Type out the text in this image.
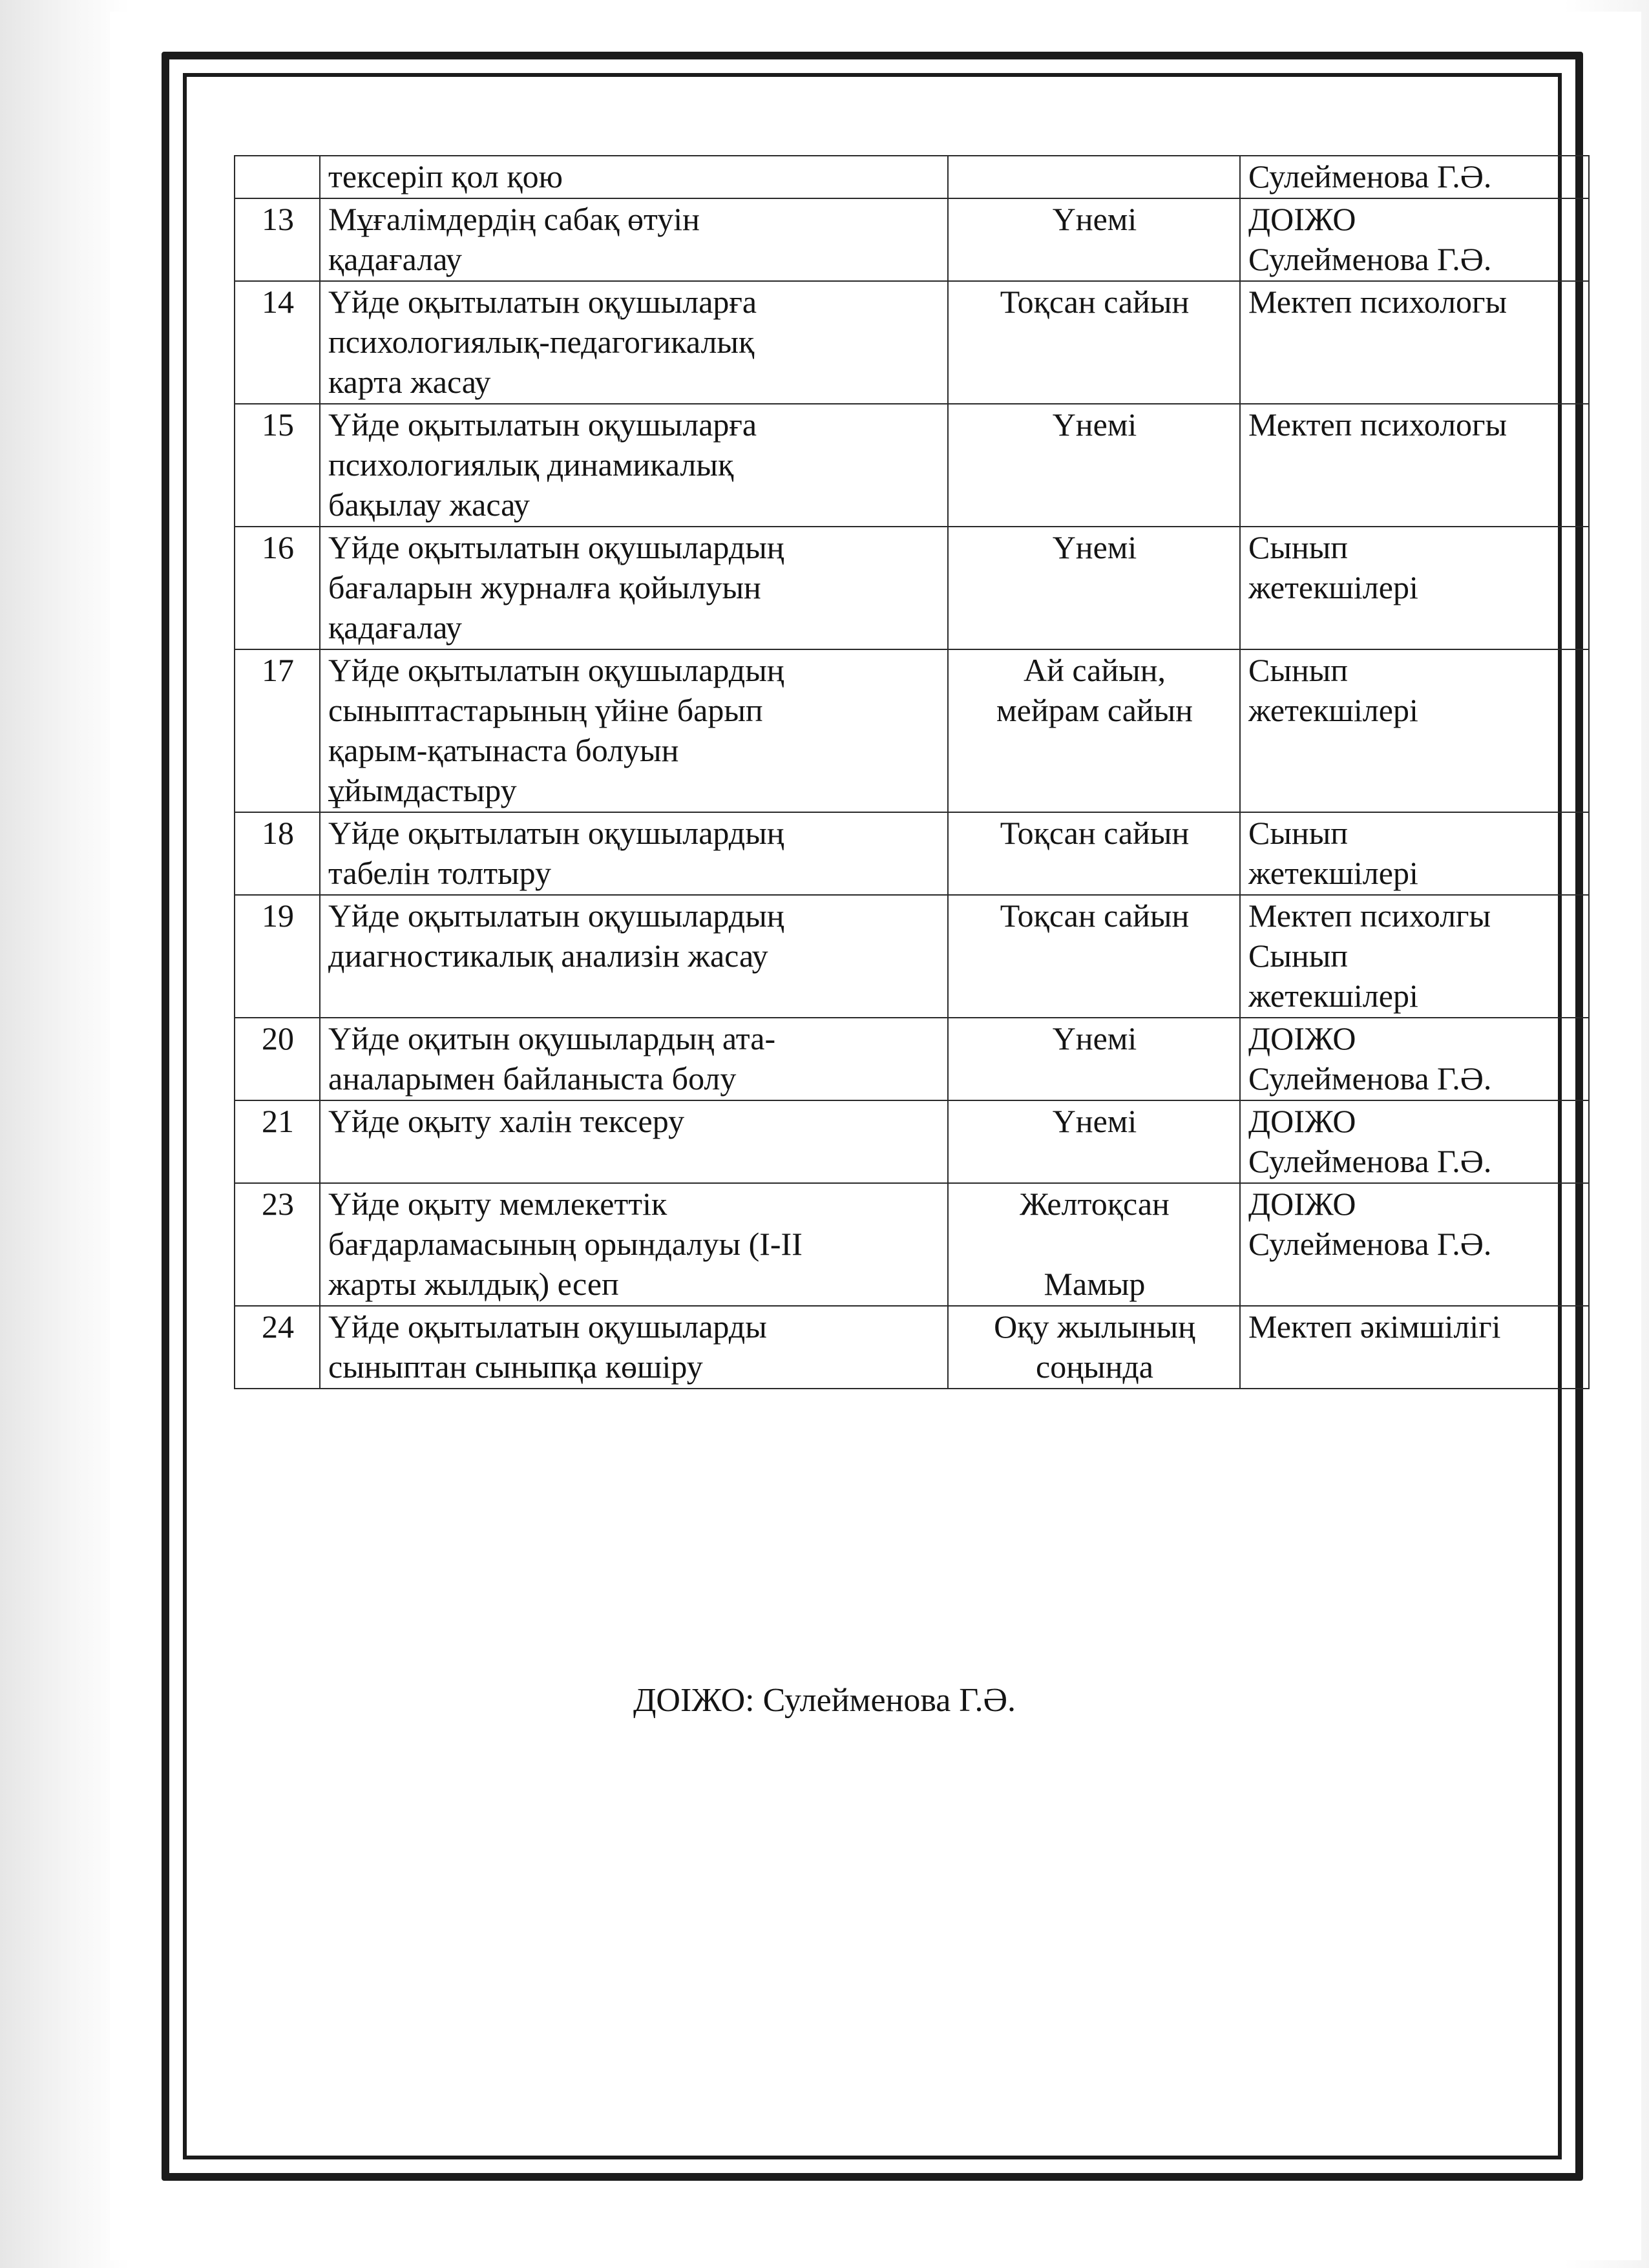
	тексеріп қол қою		Сулейменова Г.Ә.

13	Мұғалімдердің сабақ өтуін
қадағалау	Үнемі	ДОІЖО
Сулейменова Г.Ә.

14	Үйде оқытылатын оқушыларға
психологиялық-педагогикалық
карта жасау	Тоқсан сайын	Мектеп психологы

15	Үйде оқытылатын оқушыларға
психологиялық динамикалық
бақылау жасау	Үнемі	Мектеп психологы

16	Үйде оқытылатын оқушылардың
бағаларын журналға қойылуын
қадағалау	Үнемі	Сынып
жетекшілері

17	Үйде оқытылатын оқушылардың
сыныптастарының үйіне барып
қарым-қатынаста болуын
ұйымдастыру	Ай сайын,
мейрам сайын	Сынып
жетекшілері

18	Үйде оқытылатын оқушылардың
табелін толтыру	Тоқсан сайын	Сынып
жетекшілері

19	Үйде оқытылатын оқушылардың
диагностикалық анализін жасау	Тоқсан сайын	Мектеп психолгы
Сынып
жетекшілері

20	Үйде оқитын оқушылардың ата-
аналарымен байланыста болу	Үнемі	ДОІЖО
Сулейменова Г.Ә.

21	Үйде оқыту халін тексеру	Үнемі	ДОІЖО
Сулейменова Г.Ә.

23	Үйде оқыту мемлекеттік
бағдарламасының орындалуы (I-II
жарты жылдық) есеп	Желтоқсан
Мамыр	ДОІЖО
Сулейменова Г.Ә.

24	Үйде оқытылатын оқушыларды
сыныптан сыныпқа көшіру	Оқу жылының
соңында	Мектеп әкімшілігі
ДОІЖО: Сулейменова Г.Ә.
